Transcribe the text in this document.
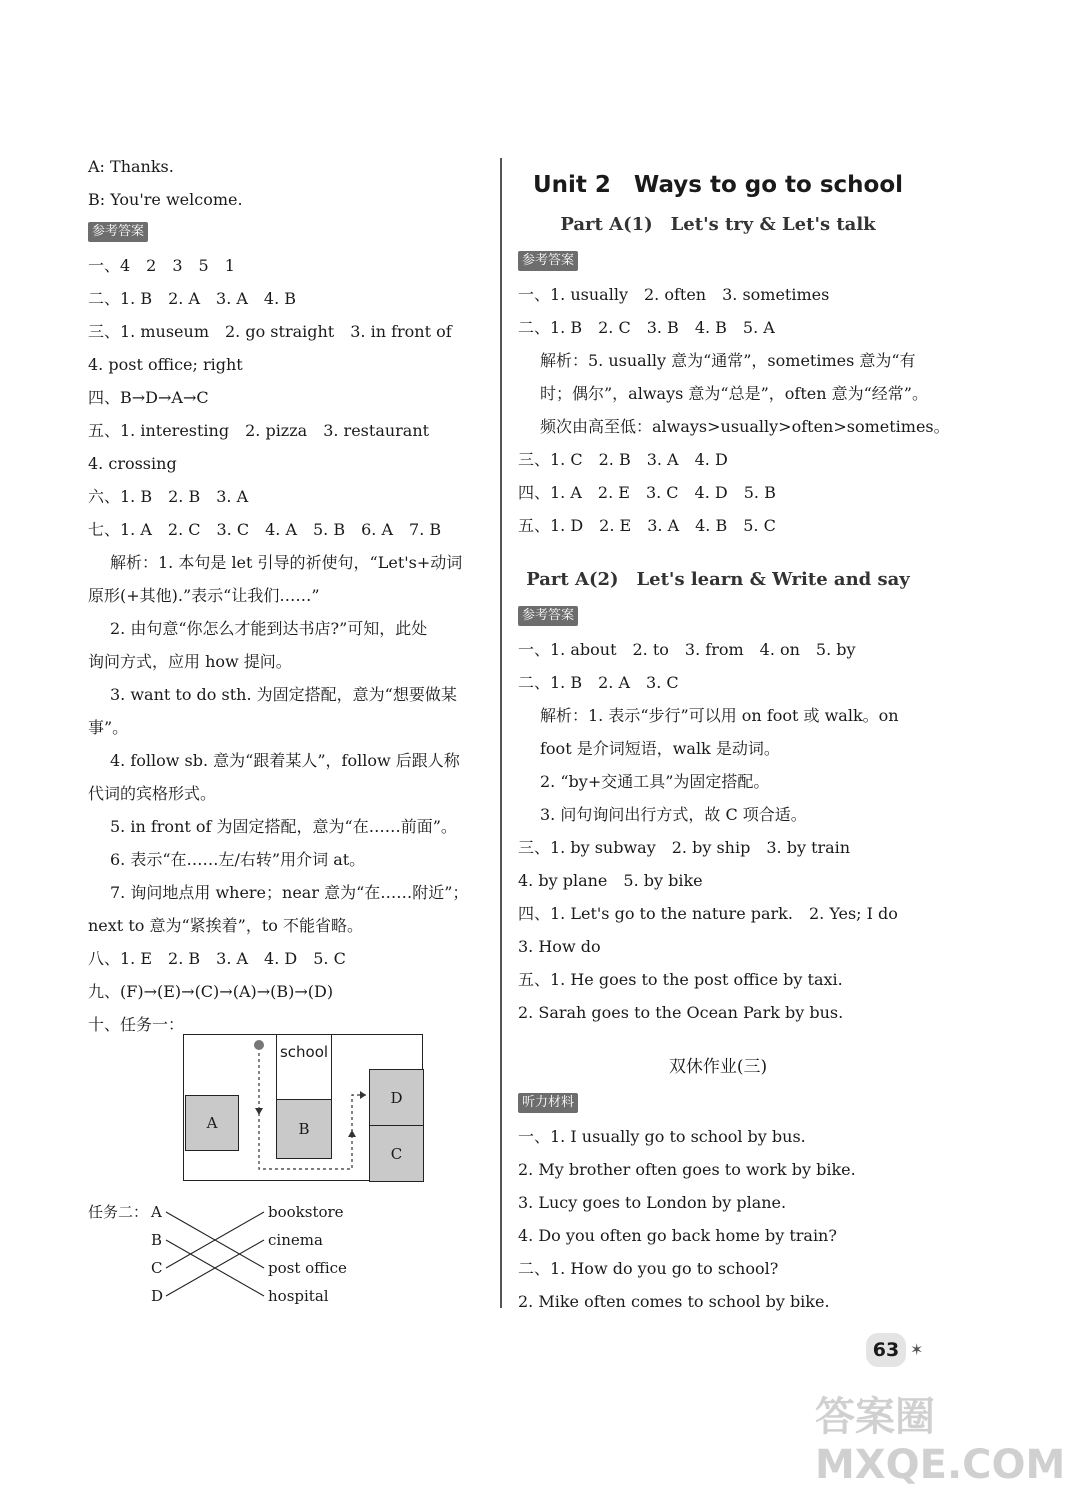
A: Thanks.
B: You're welcome.
参考答案
一、4　2　3　5　1
二、1. B　2. A　3. A　4. B
三、1. museum　2. go straight　3. in front of
4. post office; right
四、B→D→A→C
五、1. interesting　2. pizza　3. restaurant
4. crossing
六、1. B　2. B　3. A
七、1. A　2. C　3. C　4. A　5. B　6. A　7. B
解析：1. 本句是 let 引导的祈使句，“Let's+动词
原形(+其他).”表示“让我们……”
2. 由句意“你怎么才能到达书店?”可知，此处
询问方式，应用 how 提问。
3. want to do sth. 为固定搭配，意为“想要做某
事”。
4. follow sb. 意为“跟着某人”，follow 后跟人称
代词的宾格形式。
5. in front of 为固定搭配，意为“在……前面”。
6. 表示“在……左/右转”用介词 at。
7. 询问地点用 where；near 意为“在……附近”；
next to 意为“紧挨着”，to 不能省略。
八、1. E　2. B　3. A　4. D　5. C
九、(F)→(E)→(C)→(A)→(B)→(D)
十、任务一：
A
school
B
D
C
任务二： A
B
C
D
bookstore
cinema
post office
hospital
Unit 2　Ways to go to school
Part A(1)　Let's try & Let's talk
参考答案
一、1. usually　2. often　3. sometimes
二、1. B　2. C　3. B　4. B　5. A
解析：5. usually 意为“通常”，sometimes 意为“有
时；偶尔”，always 意为“总是”，often 意为“经常”。
频次由高至低：always>usually>often>sometimes。
三、1. C　2. B　3. A　4. D
四、1. A　2. E　3. C　4. D　5. B
五、1. D　2. E　3. A　4. B　5. C
Part A(2)　Let's learn & Write and say
参考答案
一、1. about　2. to　3. from　4. on　5. by
二、1. B　2. A　3. C
解析：1. 表示“步行”可以用 on foot 或 walk。on
foot 是介词短语，walk 是动词。
2. “by+交通工具”为固定搭配。
3. 问句询问出行方式，故 C 项合适。
三、1. by subway　2. by ship　3. by train
4. by plane　5. by bike
四、1. Let's go to the nature park.　2. Yes; I do
3. How do
五、1. He goes to the post office by taxi.
2. Sarah goes to the Ocean Park by bus.
双休作业(三)
听力材料
一、1. I usually go to school by bus.
2. My brother often goes to work by bike.
3. Lucy goes to London by plane.
4. Do you often go back home by train?
二、1. How do you go to school?
2. Mike often comes to school by bike.
63 ✶
答案圈 MXQE.COM
